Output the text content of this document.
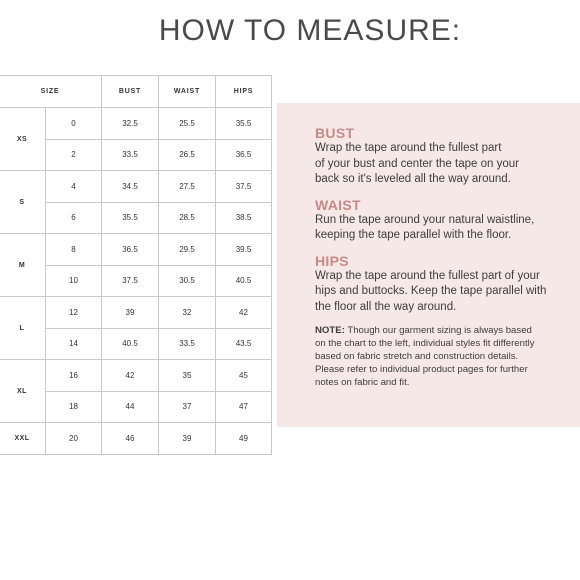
HOW TO MEASURE:
SIZE		BUST	WAIST	HIPS
XS	0	32.5	25.5	35.5
	2	33.5	26.5	36.5
S	4	34.5	27.5	37.5
	6	35.5	28.5	38.5
M	8	36.5	29.5	39.5
	10	37.5	30.5	40.5
L	12	39	32	42
	14	40.5	33.5	43.5
XL	16	42	35	45
	18	44	37	47
XXL	20	46	39	49
BUST
Wrap the tape around the fullest part
of your bust and center the tape on your
back so it's leveled all the way around.
WAIST
Run the tape around your natural waistline,
keeping the tape parallel with the floor.
HIPS
Wrap the tape around the fullest part of your
hips and buttocks. Keep the tape parallel with
the floor all the way around.
NOTE: Though our garment sizing is always based
on the chart to the left, individual styles fit differently
based on fabric stretch and construction details.
Please refer to individual product pages for further
notes on fabric and fit.
